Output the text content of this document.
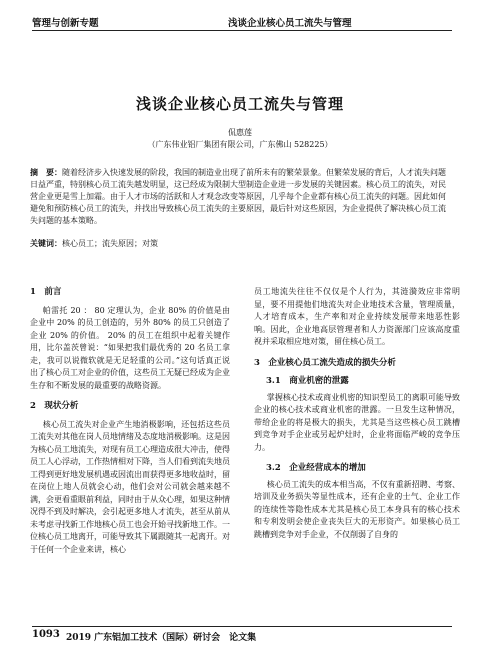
管理与创新专题	浅谈企业核心员工流失与管理
浅谈企业核心员工流失与管理
侃惠莲
（广东伟业铝厂集团有限公司，广东佛山 528225）
摘　要：随着经济步入快速发展的阶段，我国的制造业出现了前所未有的繁荣景象。但繁荣发展的背后，人才流失问题日益严重，特别核心员工流失越发明显，这已经成为限制大型制造企业进一步发展的关键因素。核心员工的流失，对民营企业更是雪上加霜。由于人才市场的活跃和人才观念改变等原因，几乎每个企业都有核心员工流失的问题。因此如何避免和预防核心员工的流失，并找出导致核心员工流失的主要原因，最后针对这些原因，为企业提供了解决核心员工流失问题的基本策略。
关键词：核心员工；流失原因；对策
1　前言
帕雷托 20 ： 80 定理认为，企业 80% 的价值是由企业中 20% 的员工创造的，另外 80% 的员工只创造了企业 20% 的价值。 20% 的员工在组织中起着关键作用，比尔盖茨曾说：“如果把我们最优秀的 20 名员工拿走，我可以说微软就是无足轻重的公司。”这句话真正说出了核心员工对企业的价值，这些员工无疑已经成为企业生存和不断发展的最重要的战略资源。
2　现状分析
核心员工流失对企业产生地消极影响，还包括这些员工流失对其他在岗人员地情绪及态度地消极影响。这是因为核心员工地流失，对现有员工心理造成很大冲击，使得员工人心浮动，工作热情相对下降，当人们看到流失地员工得到更好地发展机遇或因流出而获得更多地收益时，留在岗位上地人员就会心动，他们会对公司就会越来越不满，会更看重眼前利益，同时由于从众心理，如果这种情况得不到及时解决，会引起更多地人才流失，甚至从前从未考虑寻找新工作地核心员工也会开始寻找新地工作。一位核心员工地离开，可能导致其下属跟随其一起离开。对于任何一个企业来讲，核心
员工地流失往往不仅仅是个人行为，其涟漪效应非常明显，要不用提他们地流失对企业地技术含量，管理质量，人才培育成本，生产率和对企业持续发展带来地恶性影响。因此，企业地高层管理者和人力资源部门应该高度重视并采取相应地对策，留住核心员工。
3　企业核心员工流失造成的损失分析
3.1　商业机密的泄露
掌握核心技术或商业机密的知识型员工的离职可能导致企业的核心技术或商业机密的泄露。一旦发生这种情况，带给企业的将是极大的损失，尤其是当这些核心员工跳槽到竞争对手企业或另起炉灶时，企业将面临严峻的竞争压力。
3.2　企业经营成本的增加
核心员工流失的成本相当高，不仅有重新招聘、考察、培训及业务损失等显性成本，还有企业的士气、企业工作的连续性等隐性成本尤其是核心员工本身具有的核心技术和专利发明会使企业丧失巨大的无形资产。如果核心员工跳槽到竞争对手企业，不仅削弱了自身的
1093 2019 广东铝加工技术（国际）研讨会　论文集
